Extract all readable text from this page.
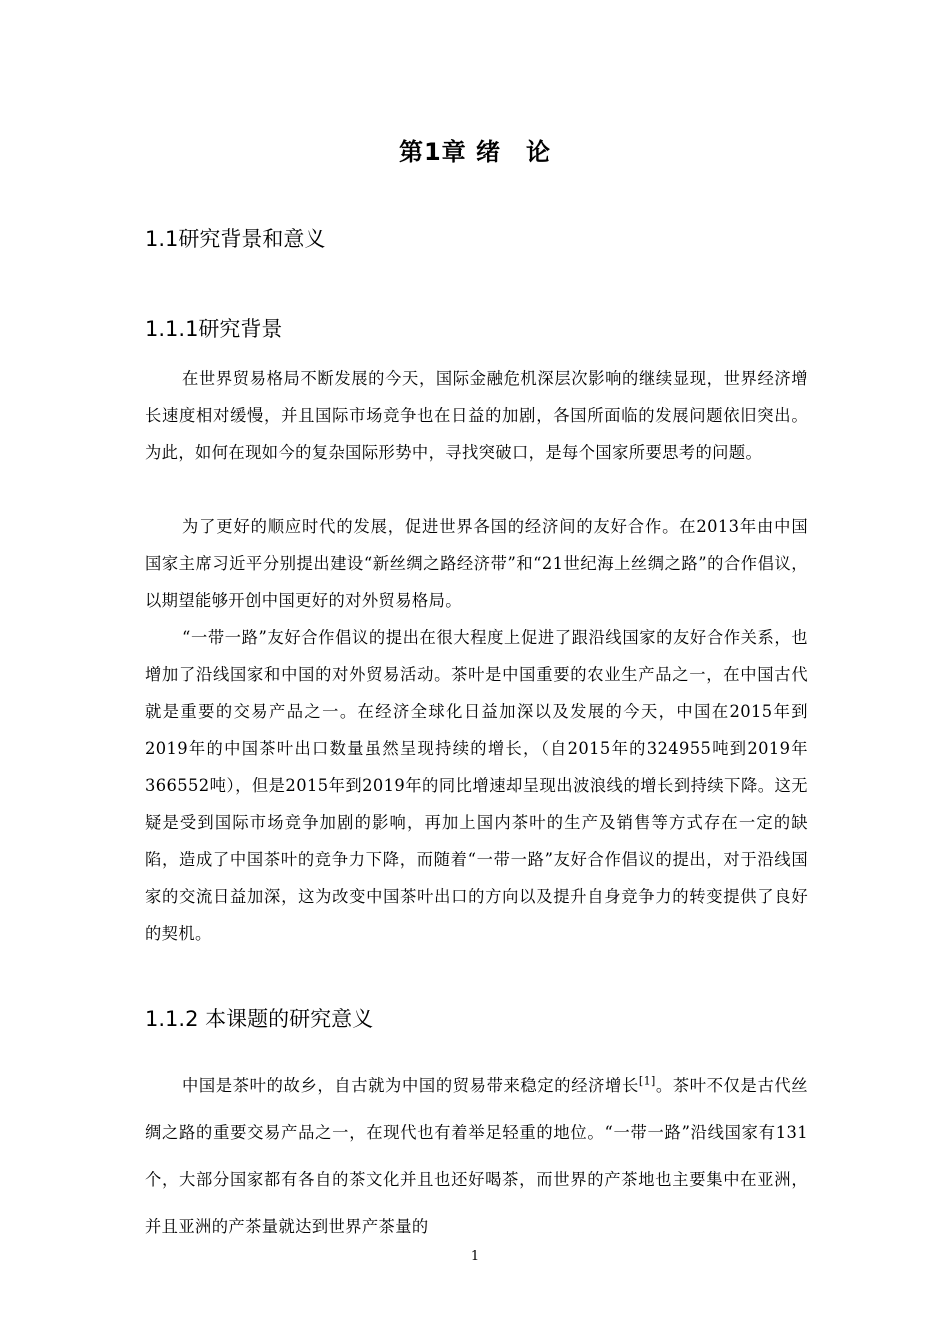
第1章 绪　论
1.1研究背景和意义
1.1.1研究背景

在世界贸易格局不断发展的今天，国际金融危机深层次影响的继续显现，世界经济增长速度相对缓慢，并且国际市场竞争也在日益的加剧，各国所面临的发展问题依旧突出。为此，如何在现如今的复杂国际形势中，寻找突破口，是每个国家所要思考的问题。

为了更好的顺应时代的发展，促进世界各国的经济间的友好合作。在2013年由中国国家主席习近平分别提出建设“新丝绸之路经济带”和“21世纪海上丝绸之路”的合作倡议，以期望能够开创中国更好的对外贸易格局。

“一带一路”友好合作倡议的提出在很大程度上促进了跟沿线国家的友好合作关系，也增加了沿线国家和中国的对外贸易活动。茶叶是中国重要的农业生产品之一，在中国古代就是重要的交易产品之一。在经济全球化日益加深以及发展的今天，中国在2015年到2019年的中国茶叶出口数量虽然呈现持续的增长，（自2015年的324955吨到2019年366552吨），但是2015年到2019年的同比增速却呈现出波浪线的增长到持续下降。这无疑是受到国际市场竞争加剧的影响，再加上国内茶叶的生产及销售等方式存在一定的缺陷，造成了中国茶叶的竞争力下降，而随着“一带一路”友好合作倡议的提出，对于沿线国家的交流日益加深，这为改变中国茶叶出口的方向以及提升自身竞争力的转变提供了良好的契机。

1.1.2 本课题的研究意义

中国是茶叶的故乡，自古就为中国的贸易带来稳定的经济增长[1]。茶叶不仅是古代丝绸之路的重要交易产品之一，在现代也有着举足轻重的地位。“一带一路”沿线国家有131个，大部分国家都有各自的茶文化并且也还好喝茶，而世界的产茶地也主要集中在亚洲，并且亚洲的产茶量就达到世界产茶量的

1
